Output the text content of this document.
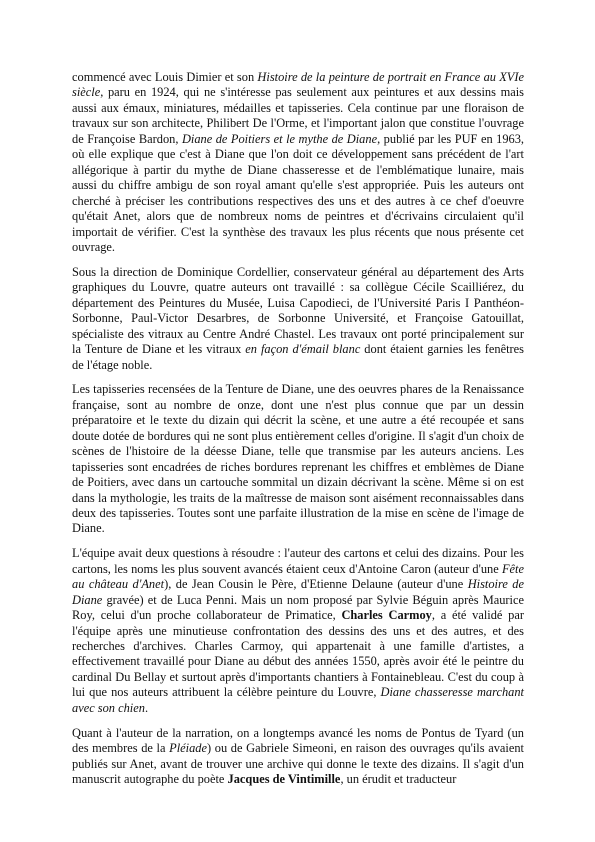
commencé avec Louis Dimier et son Histoire de la peinture de portrait en France au XVIe siècle, paru en 1924, qui ne s'intéresse pas seulement aux peintures et aux dessins mais aussi aux émaux, miniatures, médailles et tapisseries. Cela continue par une floraison de travaux sur son architecte, Philibert De l'Orme, et l'important jalon que constitue l'ouvrage de Françoise Bardon, Diane de Poitiers et le mythe de Diane, publié par les PUF en 1963, où elle explique que c'est à Diane que l'on doit ce développement sans précédent de l'art allégorique à partir du mythe de Diane chasseresse et de l'emblématique lunaire, mais aussi du chiffre ambigu de son royal amant qu'elle s'est appropriée. Puis les auteurs ont cherché à préciser les contributions respectives des uns et des autres à ce chef d'oeuvre qu'était Anet, alors que de nombreux noms de peintres et d'écrivains circulaient qu'il importait de vérifier. C'est la synthèse des travaux les plus récents que nous présente cet ouvrage.

Sous la direction de Dominique Cordellier, conservateur général au département des Arts graphiques du Louvre, quatre auteurs ont travaillé : sa collègue Cécile Scailliérez, du département des Peintures du Musée, Luisa Capodieci, de l'Université Paris I Panthéon-Sorbonne, Paul-Victor Desarbres, de Sorbonne Université, et Françoise Gatouillat, spécialiste des vitraux au Centre André Chastel. Les travaux ont porté principalement sur la Tenture de Diane et les vitraux en façon d'émail blanc dont étaient garnies les fenêtres de l'étage noble.

Les tapisseries recensées de la Tenture de Diane, une des oeuvres phares de la Renaissance française, sont au nombre de onze, dont une n'est plus connue que par un dessin préparatoire et le texte du dizain qui décrit la scène, et une autre a été recoupée et sans doute dotée de bordures qui ne sont plus entièrement celles d'origine. Il s'agit d'un choix de scènes de l'histoire de la déesse Diane, telle que transmise par les auteurs anciens. Les tapisseries sont encadrées de riches bordures reprenant les chiffres et emblèmes de Diane de Poitiers, avec dans un cartouche sommital un dizain décrivant la scène. Même si on est dans la mythologie, les traits de la maîtresse de maison sont aisément reconnaissables dans deux des tapisseries. Toutes sont une parfaite illustration de la mise en scène de l'image de Diane.

L'équipe avait deux questions à résoudre : l'auteur des cartons et celui des dizains. Pour les cartons, les noms les plus souvent avancés étaient ceux d'Antoine Caron (auteur d'une Fête au château d'Anet), de Jean Cousin le Père, d'Etienne Delaune (auteur d'une Histoire de Diane gravée) et de Luca Penni. Mais un nom proposé par Sylvie Béguin après Maurice Roy, celui d'un proche collaborateur de Primatice, Charles Carmoy, a été validé par l'équipe après une minutieuse confrontation des dessins des uns et des autres, et des recherches d'archives. Charles Carmoy, qui appartenait à une famille d'artistes, a effectivement travaillé pour Diane au début des années 1550, après avoir été le peintre du cardinal Du Bellay et surtout après d'importants chantiers à Fontainebleau. C'est du coup à lui que nos auteurs attribuent la célèbre peinture du Louvre, Diane chasseresse marchant avec son chien.

Quant à l'auteur de la narration, on a longtemps avancé les noms de Pontus de Tyard (un des membres de la Pléiade) ou de Gabriele Simeoni, en raison des ouvrages qu'ils avaient publiés sur Anet, avant de trouver une archive qui donne le texte des dizains. Il s'agit d'un manuscrit autographe du poète Jacques de Vintimille, un érudit et traducteur
